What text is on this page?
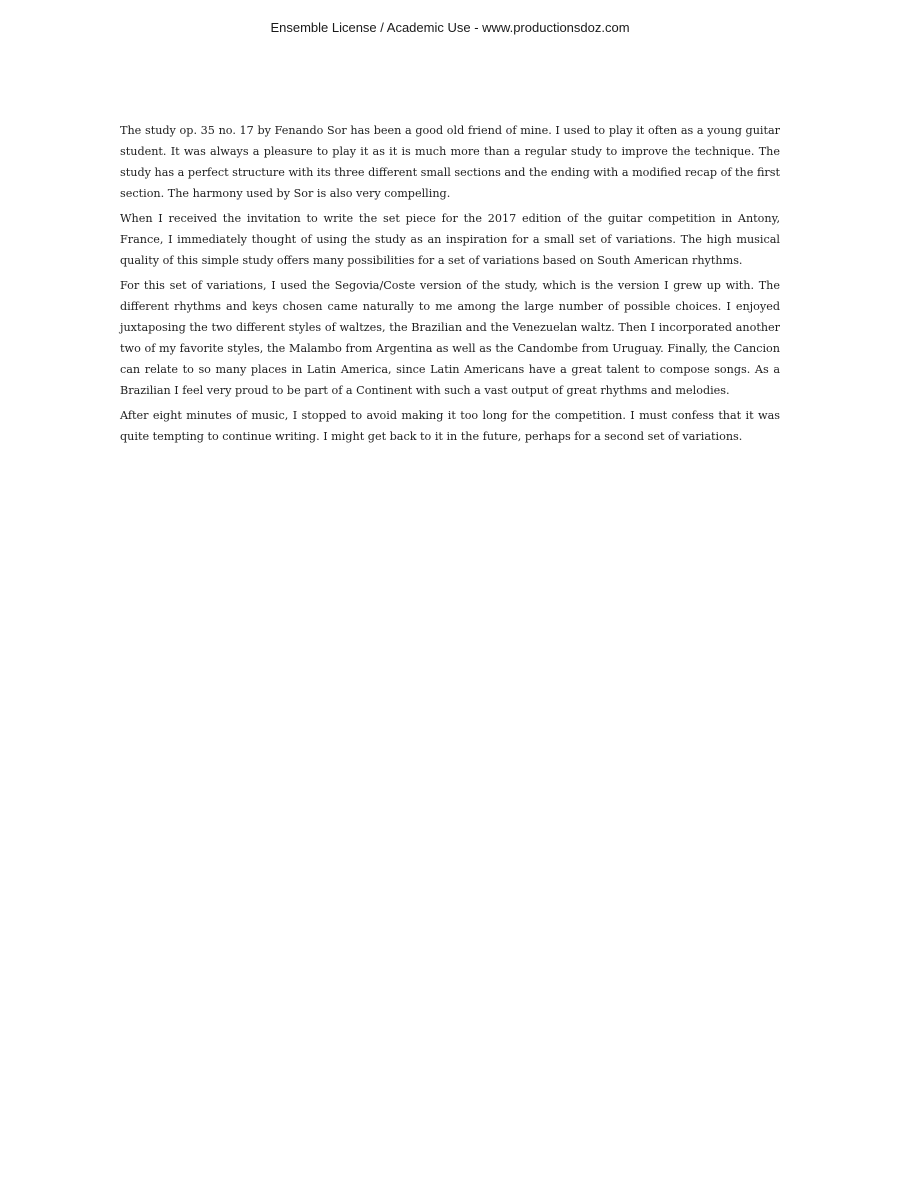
Ensemble License / Academic Use - www.productionsdoz.com

The study op. 35 no. 17 by Fenando Sor has been a good old friend of mine. I used to play it often as a young guitar student. It was always a pleasure to play it as it is much more than a regular study to improve the technique. The study has a perfect structure with its three different small sections and the ending with a modified recap of the first section. The harmony used by Sor is also very compelling.

When I received the invitation to write the set piece for the 2017 edition of the guitar competition in Antony, France, I immediately thought of using the study as an inspiration for a small set of variations. The high musical quality of this simple study offers many possibilities for a set of variations based on South American rhythms.

For this set of variations, I used the Segovia/Coste version of the study, which is the version I grew up with. The different rhythms and keys chosen came naturally to me among the large number of possible choices. I enjoyed juxtaposing the two different styles of waltzes, the Brazilian and the Venezuelan waltz. Then I incorporated another two of my favorite styles, the Malambo from Argentina as well as the Candombe from Uruguay. Finally, the Cancion can relate to so many places in Latin America, since Latin Americans have a great talent to compose songs. As a Brazilian I feel very proud to be part of a Continent with such a vast output of great rhythms and melodies.

After eight minutes of music, I stopped to avoid making it too long for the competition. I must confess that it was quite tempting to continue writing. I might get back to it in the future, perhaps for a second set of variations.
